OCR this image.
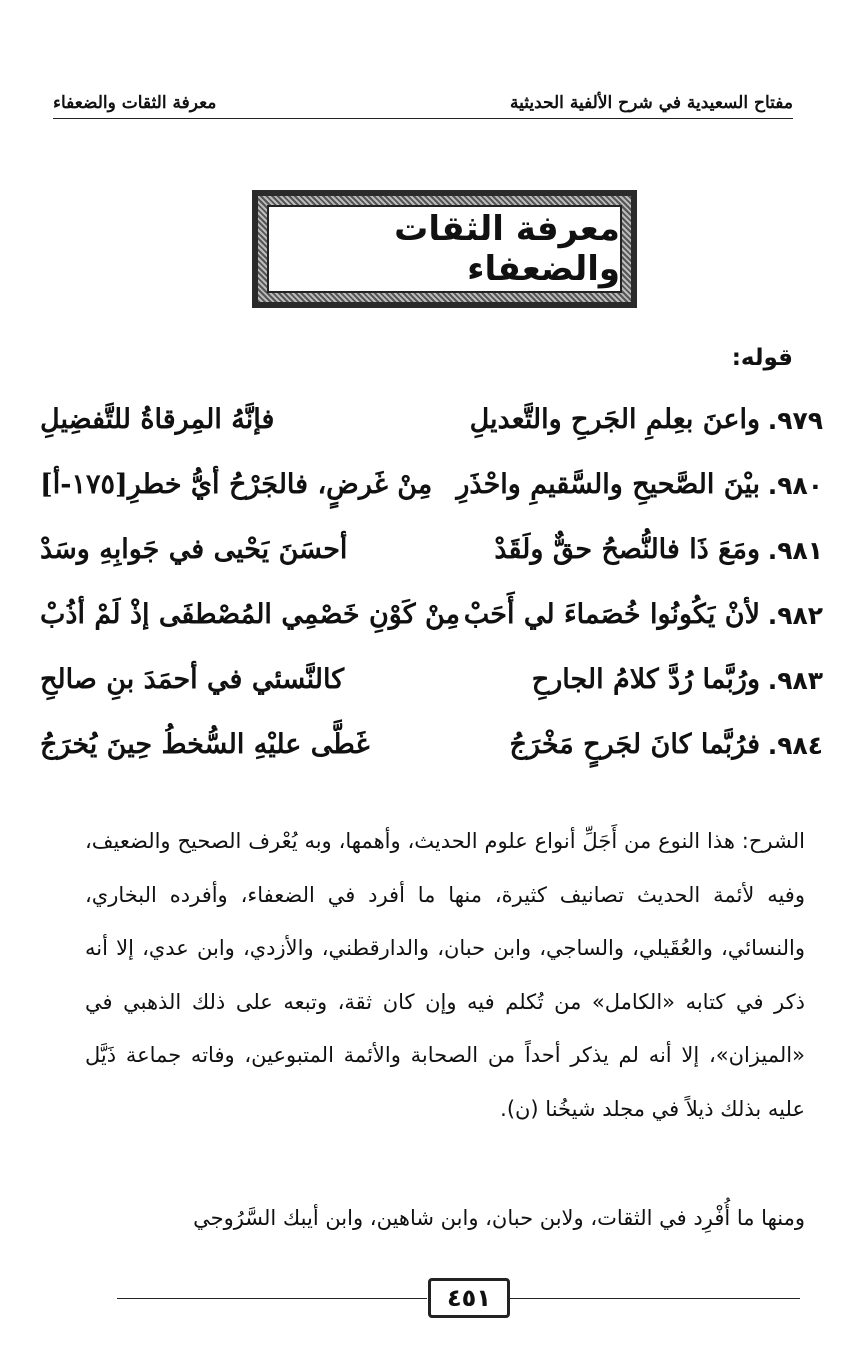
مفتاح السعيدية في شرح الألفية الحديثية
معرفة الثقات والضعفاء
معرفة الثقات والضعفاء
قوله:
٩٧٩.
واعنَ بعِلمِ الجَرحِ والتَّعديلِ
فإنَّهُ المِرقاةُ للتَّفضِيلِ
٩٨٠.
بيْنَ الصَّحيحِ والسَّقيمِ واحْذَرِ
مِنْ غَرضٍ، فالجَرْحُ أيُّ خطرِ[١٧٥-أ]
٩٨١.
ومَعَ ذَا فالنُّصحُ حقٌّ ولَقَدْ
أحسَنَ يَحْيى في جَوابِهِ وسَدْ
٩٨٢.
لأنْ يَكُونُوا خُصَماءَ لي أَحَبْ
مِنْ كَوْنِ خَصْمِي المُصْطفَى إذْ لَمْ أذُبْ
٩٨٣.
ورُبَّما رُدَّ كلامُ الجارحِ
كالنَّسئي في أحمَدَ بنِ صالحِ
٩٨٤.
فرُبَّما كانَ لجَرحٍ مَخْرَجُ
غَطَّى عليْهِ السُّخطُ حِينَ يُخرَجُ

الشرح: هذا النوع من أَجَلِّ أنواع علوم الحديث، وأهمها، وبه يُعْرف الصحيح والضعيف، وفيه لأئمة الحديث تصانيف كثيرة، منها ما أفرد في الضعفاء، وأفرده البخاري، والنسائي، والعُقَيلي، والساجي، وابن حبان، والدارقطني، والأزدي، وابن عدي، إلا أنه ذكر في كتابه «الكامل» من تُكلم فيه وإن كان ثقة، وتبعه على ذلك الذهبي في «الميزان»، إلا أنه لم يذكر أحداً من الصحابة والأئمة المتبوعين، وفاته جماعة ذَيَّل عليه بذلك ذيلاً في مجلد شيخُنا (ن).

ومنها ما أُفْرِد في الثقات، ولابن حبان، وابن شاهين، وابن أيبك السَّرُوجي
٤٥١
